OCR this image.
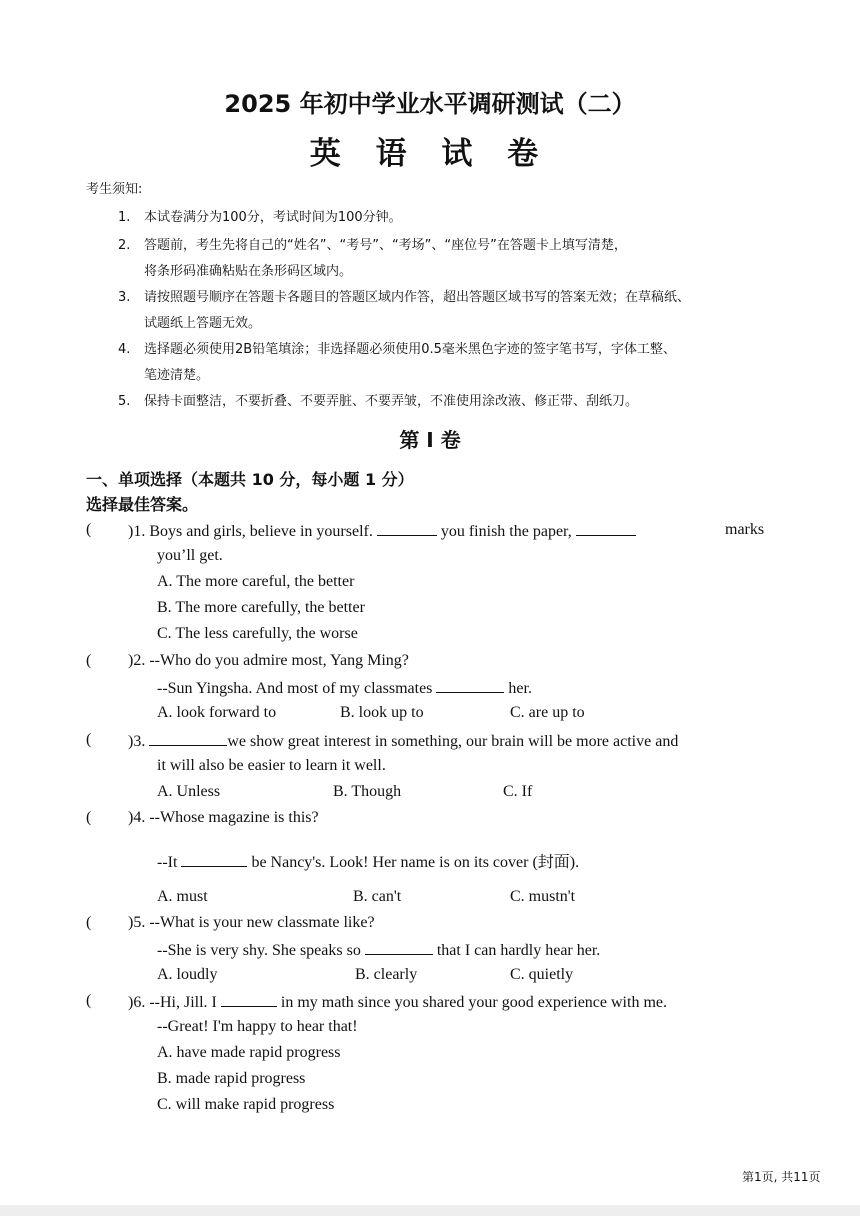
2025 年初中学业水平调研测试（二）
英 语 试 卷
考生须知:
1. 本试卷满分为100分，考试时间为100分钟。
2. 答题前，考生先将自己的“姓名”、“考号”、“考场”、“座位号”在答题卡上填写清楚，
将条形码准确粘贴在条形码区域内。
3. 请按照题号顺序在答题卡各题目的答题区域内作答，超出答题区域书写的答案无效；在草稿纸、
试题纸上答题无效。
4. 选择题必须使用2B铅笔填涂；非选择题必须使用0.5毫米黑色字迹的签字笔书写，字体工整、
笔迹清楚。
5. 保持卡面整洁，不要折叠、不要弄脏、不要弄皱，不准使用涂改液、修正带、刮纸刀。
第 I 卷
一、单项选择（本题共 10 分，每小题 1 分）
选择最佳答案。
( )1. Boys and girls, believe in yourself.	you finish the paper,	marks
you’ll get.
A. The more careful, the better
B. The more carefully, the better
C. The less carefully, the worse
( )2. --Who do you admire most, Yang Ming?
--Sun Yingsha. And most of my classmates	her.
A. look forward to	B. look up to	C. are up to
( )3.	we show great interest in something, our brain will be more active and
it will also be easier to learn it well.
A. Unless	B. Though	C. If
( )4. --Whose magazine is this?
--It	be Nancy's. Look! Her name is on its cover (封面).
A. must	B. can't	C. mustn't
( )5. --What is your new classmate like?
--She is very shy. She speaks so	that I can hardly hear her.
A. loudly	B. clearly	C. quietly
( )6. --Hi, Jill. I	in my math since you shared your good experience with me.
--Great! I'm happy to hear that!
A. have made rapid progress
B. made rapid progress
C. will make rapid progress
第1页, 共11页
